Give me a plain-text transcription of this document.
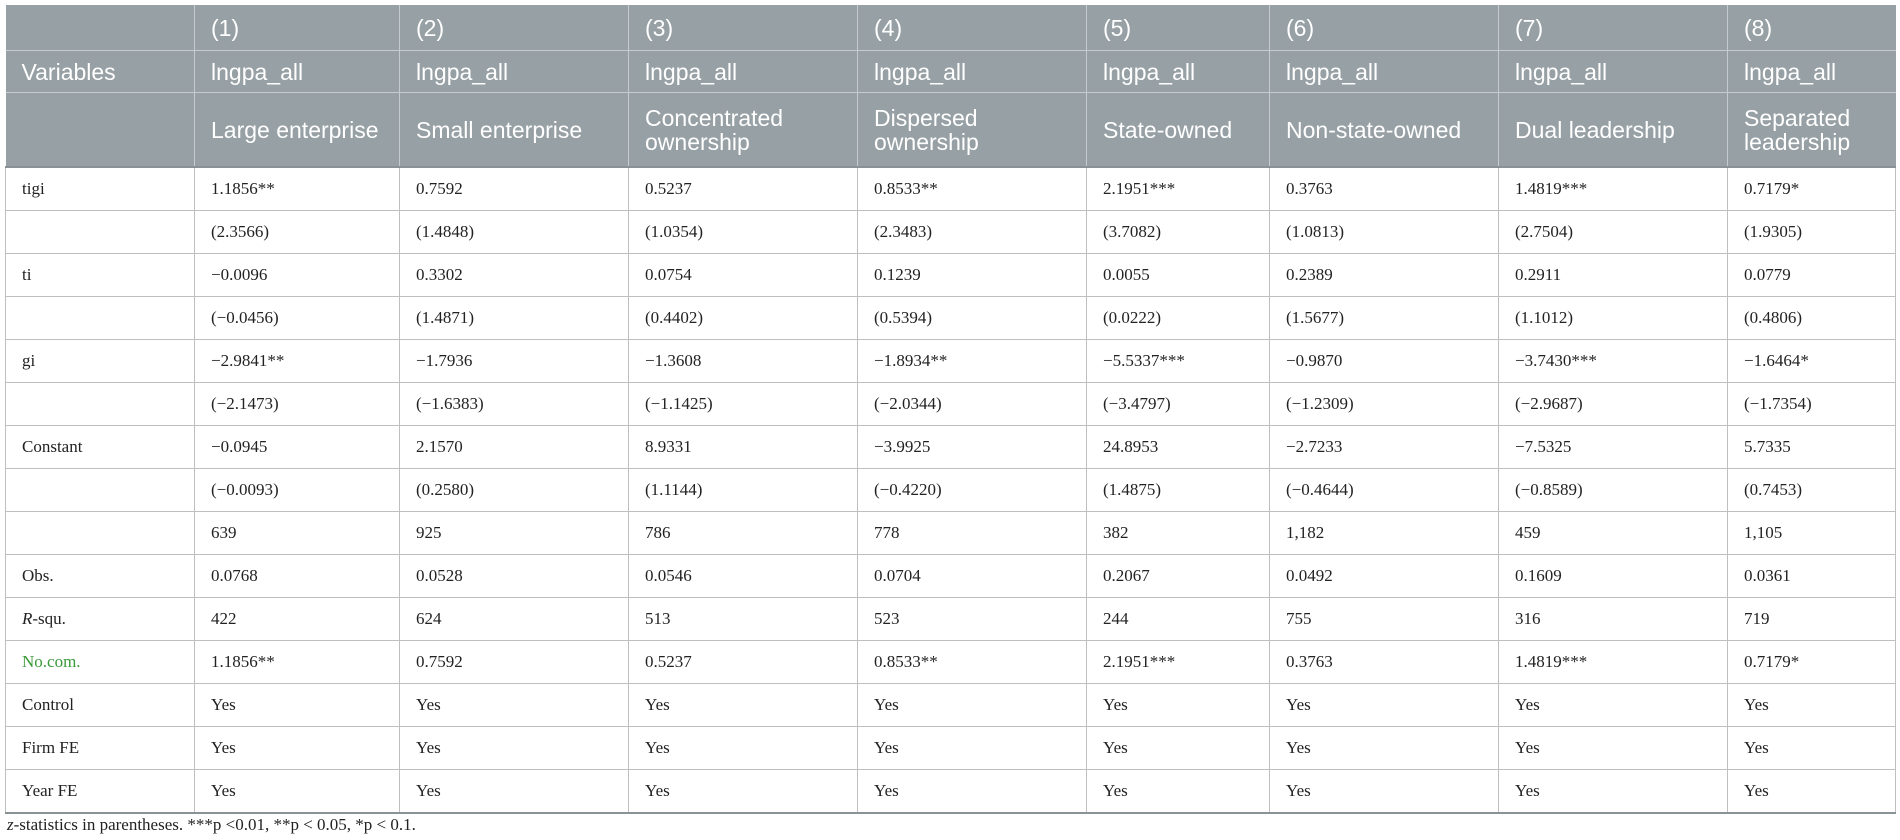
	(1)	(2)	(3)	(4)	(5)	(6)	(7)	(8)
Variables	lngpa_all	lngpa_all	lngpa_all	lngpa_all	lngpa_all	lngpa_all	lngpa_all	lngpa_all
	Large enterprise	Small enterprise	Concentrated ownership	Dispersed ownership	State-owned	Non-state-owned	Dual leadership	Separated leadership
tigi	1.1856**	0.7592	0.5237	0.8533**	2.1951***	0.3763	1.4819***	0.7179*
	(2.3566)	(1.4848)	(1.0354)	(2.3483)	(3.7082)	(1.0813)	(2.7504)	(1.9305)
ti	−0.0096	0.3302	0.0754	0.1239	0.0055	0.2389	0.2911	0.0779
	(−0.0456)	(1.4871)	(0.4402)	(0.5394)	(0.0222)	(1.5677)	(1.1012)	(0.4806)
gi	−2.9841**	−1.7936	−1.3608	−1.8934**	−5.5337***	−0.9870	−3.7430***	−1.6464*
	(−2.1473)	(−1.6383)	(−1.1425)	(−2.0344)	(−3.4797)	(−1.2309)	(−2.9687)	(−1.7354)
Constant	−0.0945	2.1570	8.9331	−3.9925	24.8953	−2.7233	−7.5325	5.7335
	(−0.0093)	(0.2580)	(1.1144)	(−0.4220)	(1.4875)	(−0.4644)	(−0.8589)	(0.7453)
	639	925	786	778	382	1,182	459	1,105
Obs.	0.0768	0.0528	0.0546	0.0704	0.2067	0.0492	0.1609	0.0361
R-squ.	422	624	513	523	244	755	316	719
No.com.	1.1856**	0.7592	0.5237	0.8533**	2.1951***	0.3763	1.4819***	0.7179*
Control	Yes	Yes	Yes	Yes	Yes	Yes	Yes	Yes
Firm FE	Yes	Yes	Yes	Yes	Yes	Yes	Yes	Yes
Year FE	Yes	Yes	Yes	Yes	Yes	Yes	Yes	Yes
z-statistics in parentheses. ***p <0.01, **p < 0.05, *p < 0.1.
